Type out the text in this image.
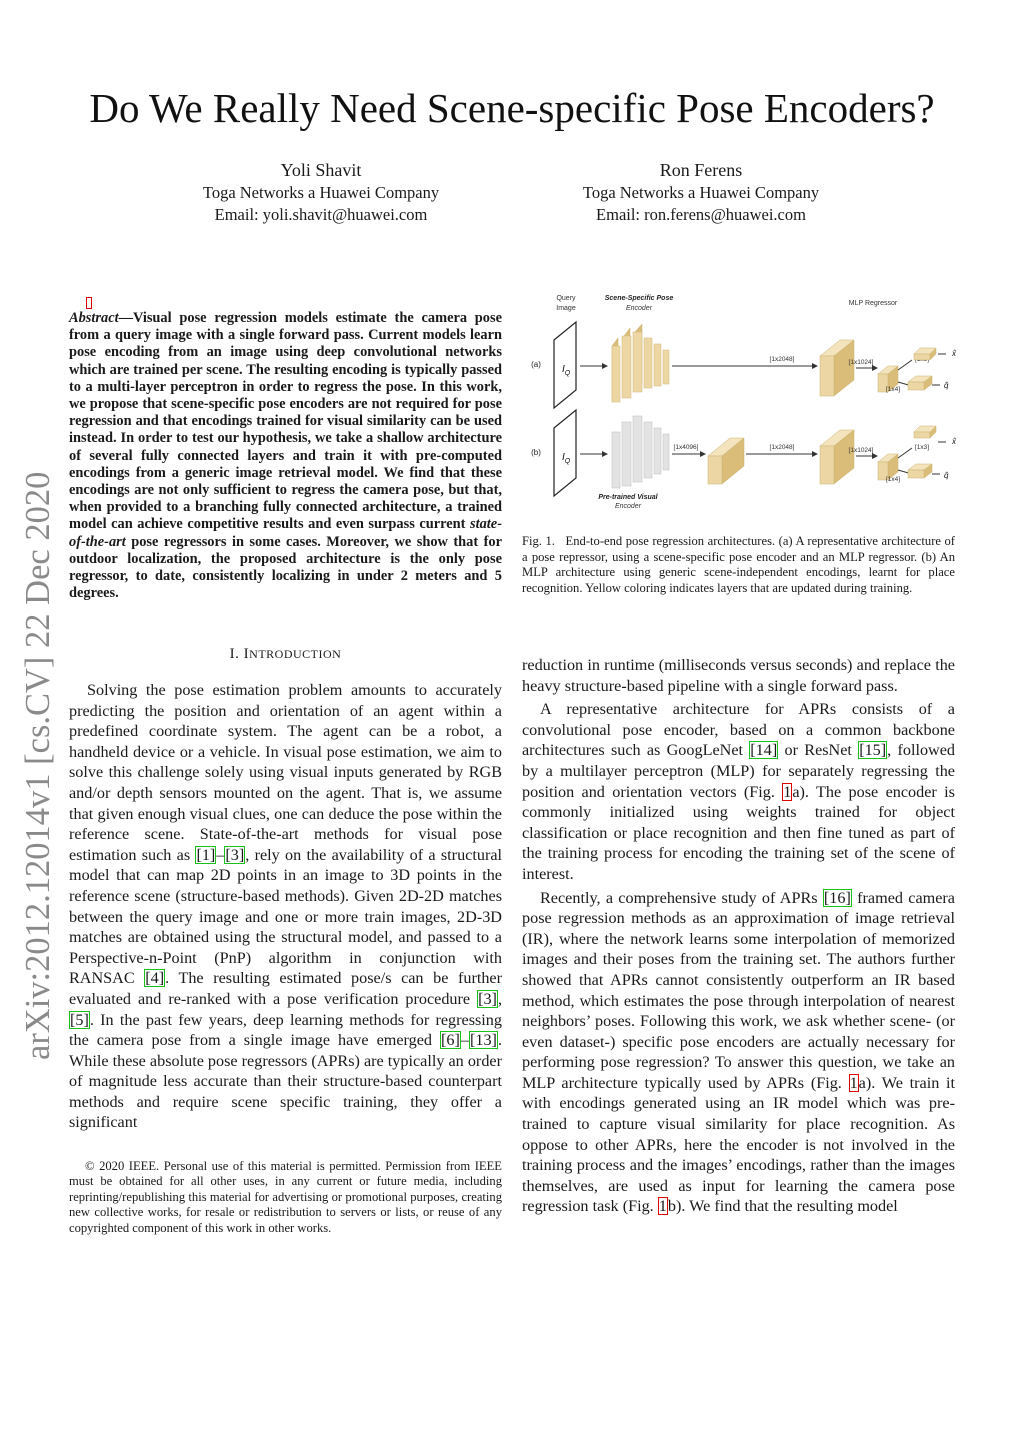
Do We Really Need Scene-specific Pose Encoders?
Yoli Shavit
Toga Networks a Huawei Company
Email: yoli.shavit@huawei.com
Ron Ferens
Toga Networks a Huawei Company
Email: ron.ferens@huawei.com
arXiv:2012.12014v1 [cs.CV] 22 Dec 2020
Abstract—Visual pose regression models estimate the camera pose from a query image with a single forward pass. Current models learn pose encoding from an image using deep convolutional networks which are trained per scene. The resulting encoding is typically passed to a multi-layer perceptron in order to regress the pose. In this work, we propose that scene-specific pose encoders are not required for pose regression and that encodings trained for visual similarity can be used instead. In order to test our hypothesis, we take a shallow architecture of several fully connected layers and train it with pre-computed encodings from a generic image retrieval model. We find that these encodings are not only sufficient to regress the camera pose, but that, when provided to a branching fully connected architecture, a trained model can achieve competitive results and even surpass current state-of-the-art pose regressors in some cases. Moreover, we show that for outdoor localization, the proposed architecture is the only pose regressor, to date, consistently localizing in under 2 meters and 5 degrees.
I. INTRODUCTION

Solving the pose estimation problem amounts to accurately predicting the position and orientation of an agent within a predefined coordinate system. The agent can be a robot, a handheld device or a vehicle. In visual pose estimation, we aim to solve this challenge solely using visual inputs generated by RGB and/or depth sensors mounted on the agent. That is, we assume that given enough visual clues, one can deduce the pose within the reference scene. State-of-the-art methods for visual pose estimation such as [1]–[3], rely on the availability of a structural model that can map 2D points in an image to 3D points in the reference scene (structure-based methods). Given 2D-2D matches between the query image and one or more train images, 2D-3D matches are obtained using the structural model, and passed to a Perspective-n-Point (PnP) algorithm in conjunction with RANSAC [4]. The resulting estimated pose/s can be further evaluated and re-ranked with a pose verification procedure [3], [5]. In the past few years, deep learning methods for regressing the camera pose from a single image have emerged [6]–[13]. While these absolute pose regressors (APRs) are typically an order of magnitude less accurate than their structure-based counterpart methods and require scene specific training, they offer a significant

© 2020 IEEE. Personal use of this material is permitted. Permission from IEEE must be obtained for all other uses, in any current or future media, including reprinting/republishing this material for advertising or promotional purposes, creating new collective works, for resale or redistribution to servers or lists, or reuse of any copyrighted component of this work in other works.
Query
Image
Scene-Specific Pose
Encoder
MLP Regressor
(a)
(b)
$I_Q$
$I_Q$
Pre-trained Visual
Encoder
[1x2048]	[1x1024]
x̂
[1x4]	q̂
[1x4096]	[1x2048]	[1x1024]	[1x3]
x̂
[1x4]	q̂
Fig. 1. End-to-end pose regression architectures. (a) A representative architecture of a pose repressor, using a scene-specific pose encoder and an MLP regressor. (b) An MLP architecture using generic scene-independent encodings, learnt for place recognition. Yellow coloring indicates layers that are updated during training.

reduction in runtime (milliseconds versus seconds) and replace the heavy structure-based pipeline with a single forward pass.

A representative architecture for APRs consists of a convolutional pose encoder, based on a common backbone architectures such as GoogLeNet [14] or ResNet [15], followed by a multilayer perceptron (MLP) for separately regressing the position and orientation vectors (Fig. 1a). The pose encoder is commonly initialized using weights trained for object classification or place recognition and then fine tuned as part of the training process for encoding the training set of the scene of interest.

Recently, a comprehensive study of APRs [16] framed camera pose regression methods as an approximation of image retrieval (IR), where the network learns some interpolation of memorized images and their poses from the training set. The authors further showed that APRs cannot consistently outperform an IR based method, which estimates the pose through interpolation of nearest neighbors’ poses. Following this work, we ask whether scene- (or even dataset-) specific pose encoders are actually necessary for performing pose regression? To answer this question, we take an MLP architecture typically used by APRs (Fig. 1a). We train it with encodings generated using an IR model which was pre-trained to capture visual similarity for place recognition. As oppose to other APRs, here the encoder is not involved in the training process and the images’ encodings, rather than the images themselves, are used as input for learning the camera pose regression task (Fig. 1b). We find that the resulting model
